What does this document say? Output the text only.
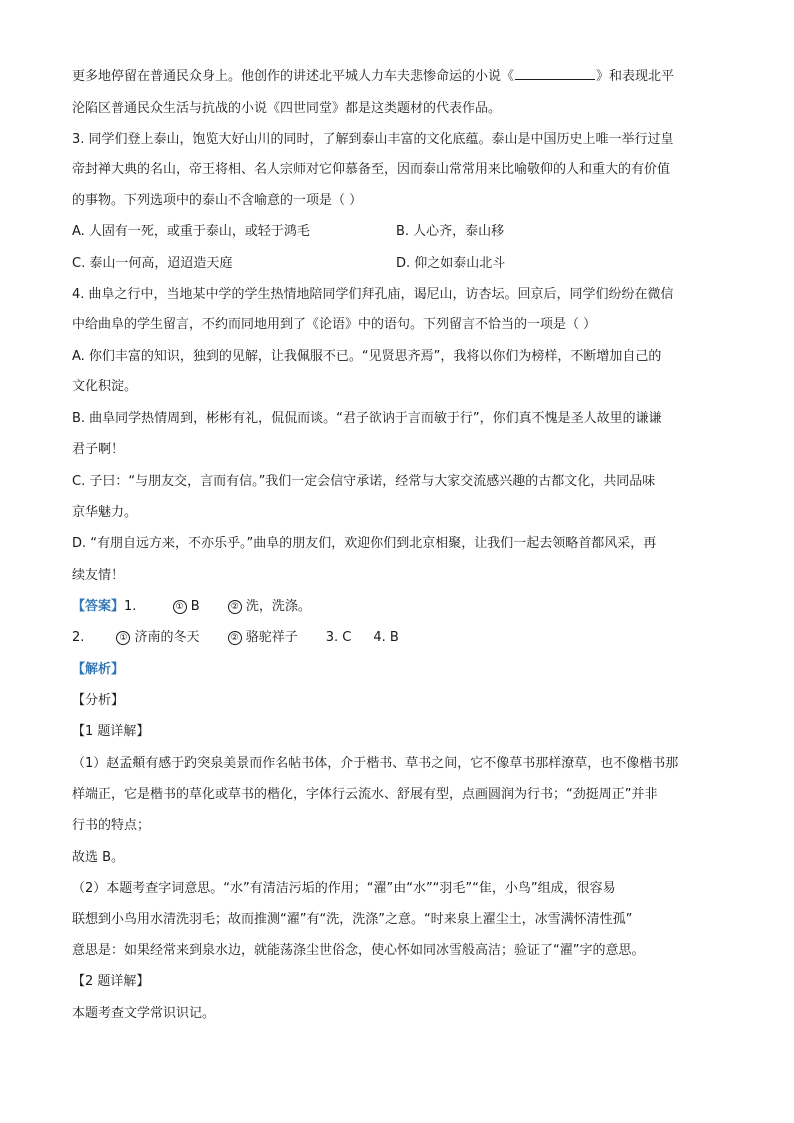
更多地停留在普通民众身上。他创作的讲述北平城人力车夫悲惨命运的小说《	》和表现北平
沦陷区普通民众生活与抗战的小说《四世同堂》都是这类题材的代表作品。
3. 同学们登上泰山，饱览大好山川的同时，了解到泰山丰富的文化底蕴。泰山是中国历史上唯一举行过皇
帝封禅大典的名山，帝王将相、名人宗师对它仰慕备至，因而泰山常常用来比喻敬仰的人和重大的有价值
的事物。下列选项中的泰山不含喻意的一项是（ ）
A. 人固有一死，或重于泰山，或轻于鸿毛	B. 人心齐，泰山移
C. 泰山一何高，迢迢造天庭	D. 仰之如泰山北斗
4. 曲阜之行中，当地某中学的学生热情地陪同学们拜孔庙，谒尼山，访杏坛。回京后，同学们纷纷在微信
中给曲阜的学生留言，不约而同地用到了《论语》中的语句。下列留言不恰当的一项是（ ）
A. 你们丰富的知识，独到的见解，让我佩服不已。“见贤思齐焉”，我将以你们为榜样，不断增加自己的
文化积淀。
B. 曲阜同学热情周到，彬彬有礼，侃侃而谈。“君子欲讷于言而敏于行”，你们真不愧是圣人故里的谦谦
君子啊！
C. 子曰：“与朋友交，言而有信。”我们一定会信守承诺，经常与大家交流感兴趣的古都文化，共同品味
京华魅力。
D. “有朋自远方来，不亦乐乎。”曲阜的朋友们，欢迎你们到北京相聚，让我们一起去领略首都风采，再
续友情！
【答案】1.	① B	② 洗，洗涤。
2.	① 济南的冬天	② 骆驼祥子 3. C 4. B
【解析】
【分析】
【1 题详解】
（1）赵孟頫有感于趵突泉美景而作名帖书体，介于楷书、草书之间，它不像草书那样潦草，也不像楷书那
样端正，它是楷书的草化或草书的楷化，字体行云流水、舒展有型，点画圆润为行书；“劲挺周正”并非
行书的特点；
故选 B。
（2）本题考查字词意思。“水”有清洁污垢的作用；“濯”由“水”“羽毛”“隹，小鸟”组成，很容易
联想到小鸟用水清洗羽毛；故而推测“濯”有“洗，洗涤”之意。“时来泉上濯尘土，冰雪满怀清性孤”
意思是：如果经常来到泉水边，就能荡涤尘世俗念，使心怀如同冰雪般高洁；验证了“濯”字的意思。
【2 题详解】
本题考查文学常识识记。
